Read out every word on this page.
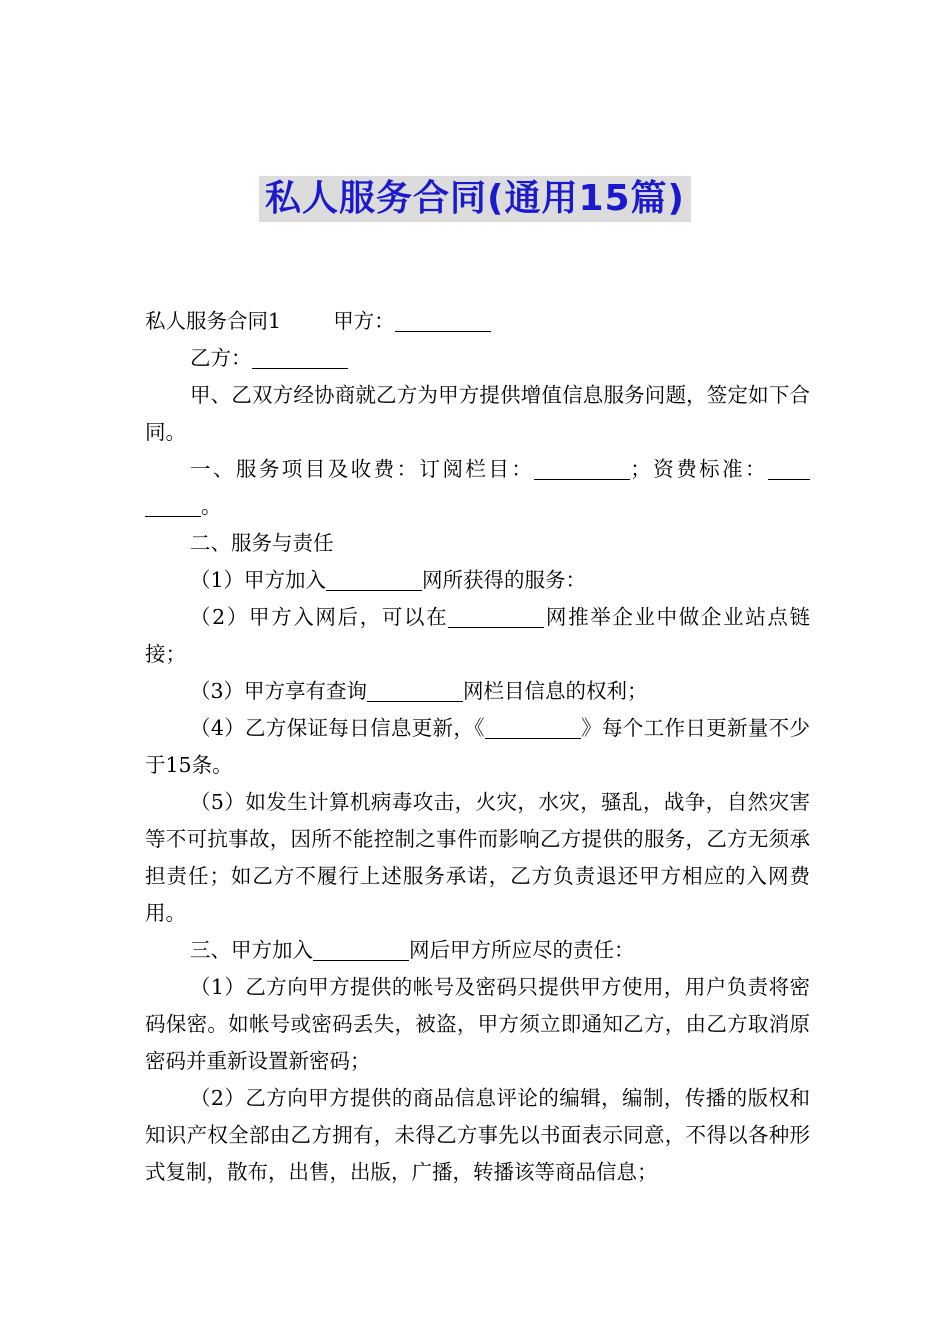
私人服务合同(通用15篇)

私人服务合同1	甲方：

乙方：

甲、乙双方经协商就乙方为甲方提供增值信息服务问题，签定如下合同。

一、服务项目及收费：订阅栏目：	；资费标准：。

二、服务与责任

（1）甲方加入	网所获得的服务：

（2）甲方入网后，可以在	网推举企业中做企业站点链接；

（3）甲方享有查询	网栏目信息的权利；

（4）乙方保证每日信息更新，《	》每个工作日更新量不少于15条。

（5）如发生计算机病毒攻击，火灾，水灾，骚乱，战争，自然灾害等不可抗事故，因所不能控制之事件而影响乙方提供的服务，乙方无须承担责任；如乙方不履行上述服务承诺，乙方负责退还甲方相应的入网费用。

三、甲方加入	网后甲方所应尽的责任：

（1）乙方向甲方提供的帐号及密码只提供甲方使用，用户负责将密码保密。如帐号或密码丢失，被盗，甲方须立即通知乙方，由乙方取消原密码并重新设置新密码；

（2）乙方向甲方提供的商品信息评论的编辑，编制，传播的版权和知识产权全部由乙方拥有，未得乙方事先以书面表示同意，不得以各种形式复制，散布，出售，出版，广播，转播该等商品信息；
